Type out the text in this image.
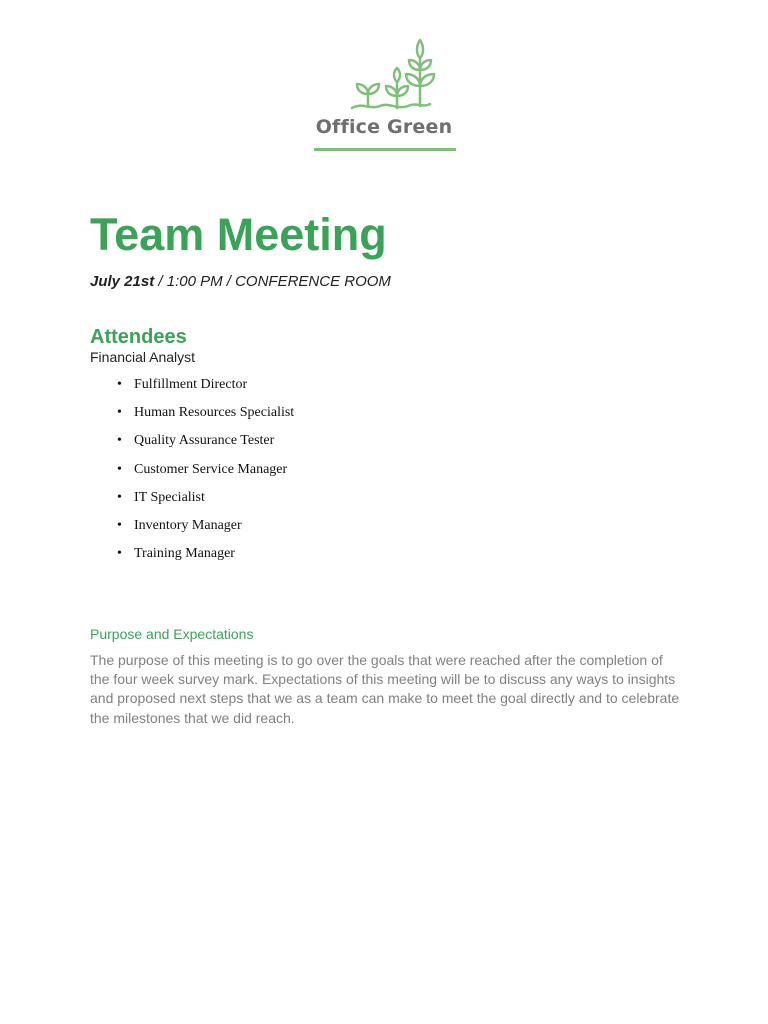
Office Green
Team Meeting
July 21st / 1:00 PM / CONFERENCE ROOM
Attendees
Financial Analyst
• Fulfillment Director
• Human Resources Specialist
• Quality Assurance Tester
• Customer Service Manager
• IT Specialist
• Inventory Manager
• Training Manager
Purpose and Expectations
The purpose of this meeting is to go over the goals that were reached after the completion of the four week survey mark. Expectations of this meeting will be to discuss any ways to insights and proposed next steps that we as a team can make to meet the goal directly and to celebrate the milestones that we did reach.
